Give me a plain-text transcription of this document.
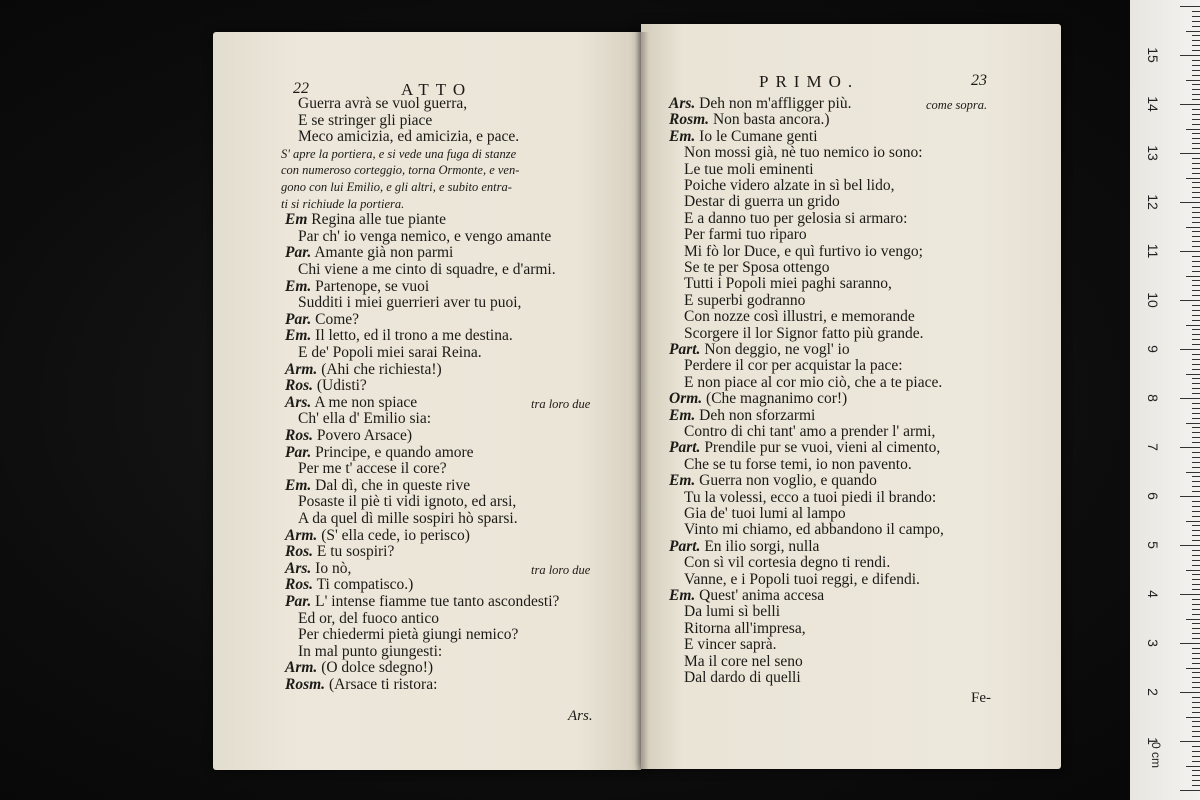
22	ATTO
Guerra avrà se vuol guerra,
E se stringer gli piace
Meco amicizia, ed amicizia, e pace.
S' apre la portiera, e si vede una fuga di stanze
con numeroso corteggio, torna Ormonte, e ven-
gono con lui Emilio, e gli altri, e subito entra-
ti si richiude la portiera.
Em Regina alle tue piante
Par ch' io venga nemico, e vengo amante
Par. Amante già non parmi
Chi viene a me cinto di squadre, e d'armi.
Em. Partenope, se vuoi
Sudditi i miei guerrieri aver tu puoi,
Par. Come?
Em. Il letto, ed il trono a me destina.
E de' Popoli miei sarai Reina.
Arm. (Ahi che richiesta!)
Ros. (Udisti?
Ars. A me non spiace	tra loro due
Ch' ella d' Emilio sia:
Ros. Povero Arsace)
Par. Principe, e quando amore
Per me t' accese il core?
Em. Dal dì, che in queste rive
Posaste il piè ti vidi ignoto, ed arsi,
A da quel dì mille sospiri hò sparsi.
Arm. (S' ella cede, io perisco)
Ros. E tu sospiri?
Ars. Io nò,	tra loro due
Ros. Ti compatisco.)
Par. L' intense fiamme tue tanto ascondesti?
Ed or, del fuoco antico
Per chiedermi pietà giungi nemico?
In mal punto giungesti:
Arm. (O dolce sdegno!)
Rosm. (Arsace ti ristora:
Ars.
PRIMO.	23
Ars. Deh non m'affligger più.	come sopra.
Rosm. Non basta ancora.)
Em. Io le Cumane genti
Non mossi già, nè tuo nemico io sono:
Le tue moli eminenti
Poiche videro alzate in sì bel lido,
Destar di guerra un grido
E a danno tuo per gelosia si armaro:
Per farmi tuo riparo
Mi fò lor Duce, e quì furtivo io vengo;
Se te per Sposa ottengo
Tutti i Popoli miei paghi saranno,
E superbi godranno
Con nozze così illustri, e memorande
Scorgere il lor Signor fatto più grande.
Part. Non deggio, ne vogl' io
Perdere il cor per acquistar la pace:
E non piace al cor mio ciò, che a te piace.
Orm. (Che magnanimo cor!)
Em. Deh non sforzarmi
Contro di chi tant' amo a prender l' armi,
Part. Prendile pur se vuoi, vieni al cimento,
Che se tu forse temi, io non pavento.
Em. Guerra non voglio, e quando
Tu la volessi, ecco a tuoi piedi il brando:
Gia de' tuoi lumi al lampo
Vinto mi chiamo, ed abbandono il campo,
Part. En ilio sorgi, nulla
Con sì vil cortesia degno ti rendi.
Vanne, e i Popoli tuoi reggi, e difendi.
Em. Quest' anima accesa
Da lumi sì belli
Ritorna all'impresa,
E vincer saprà.
Ma il core nel seno
Dal dardo di quelli
Fe-
1
2
3
4
5
6
7
8
9
10
11
12
13
14
15
0 cm
